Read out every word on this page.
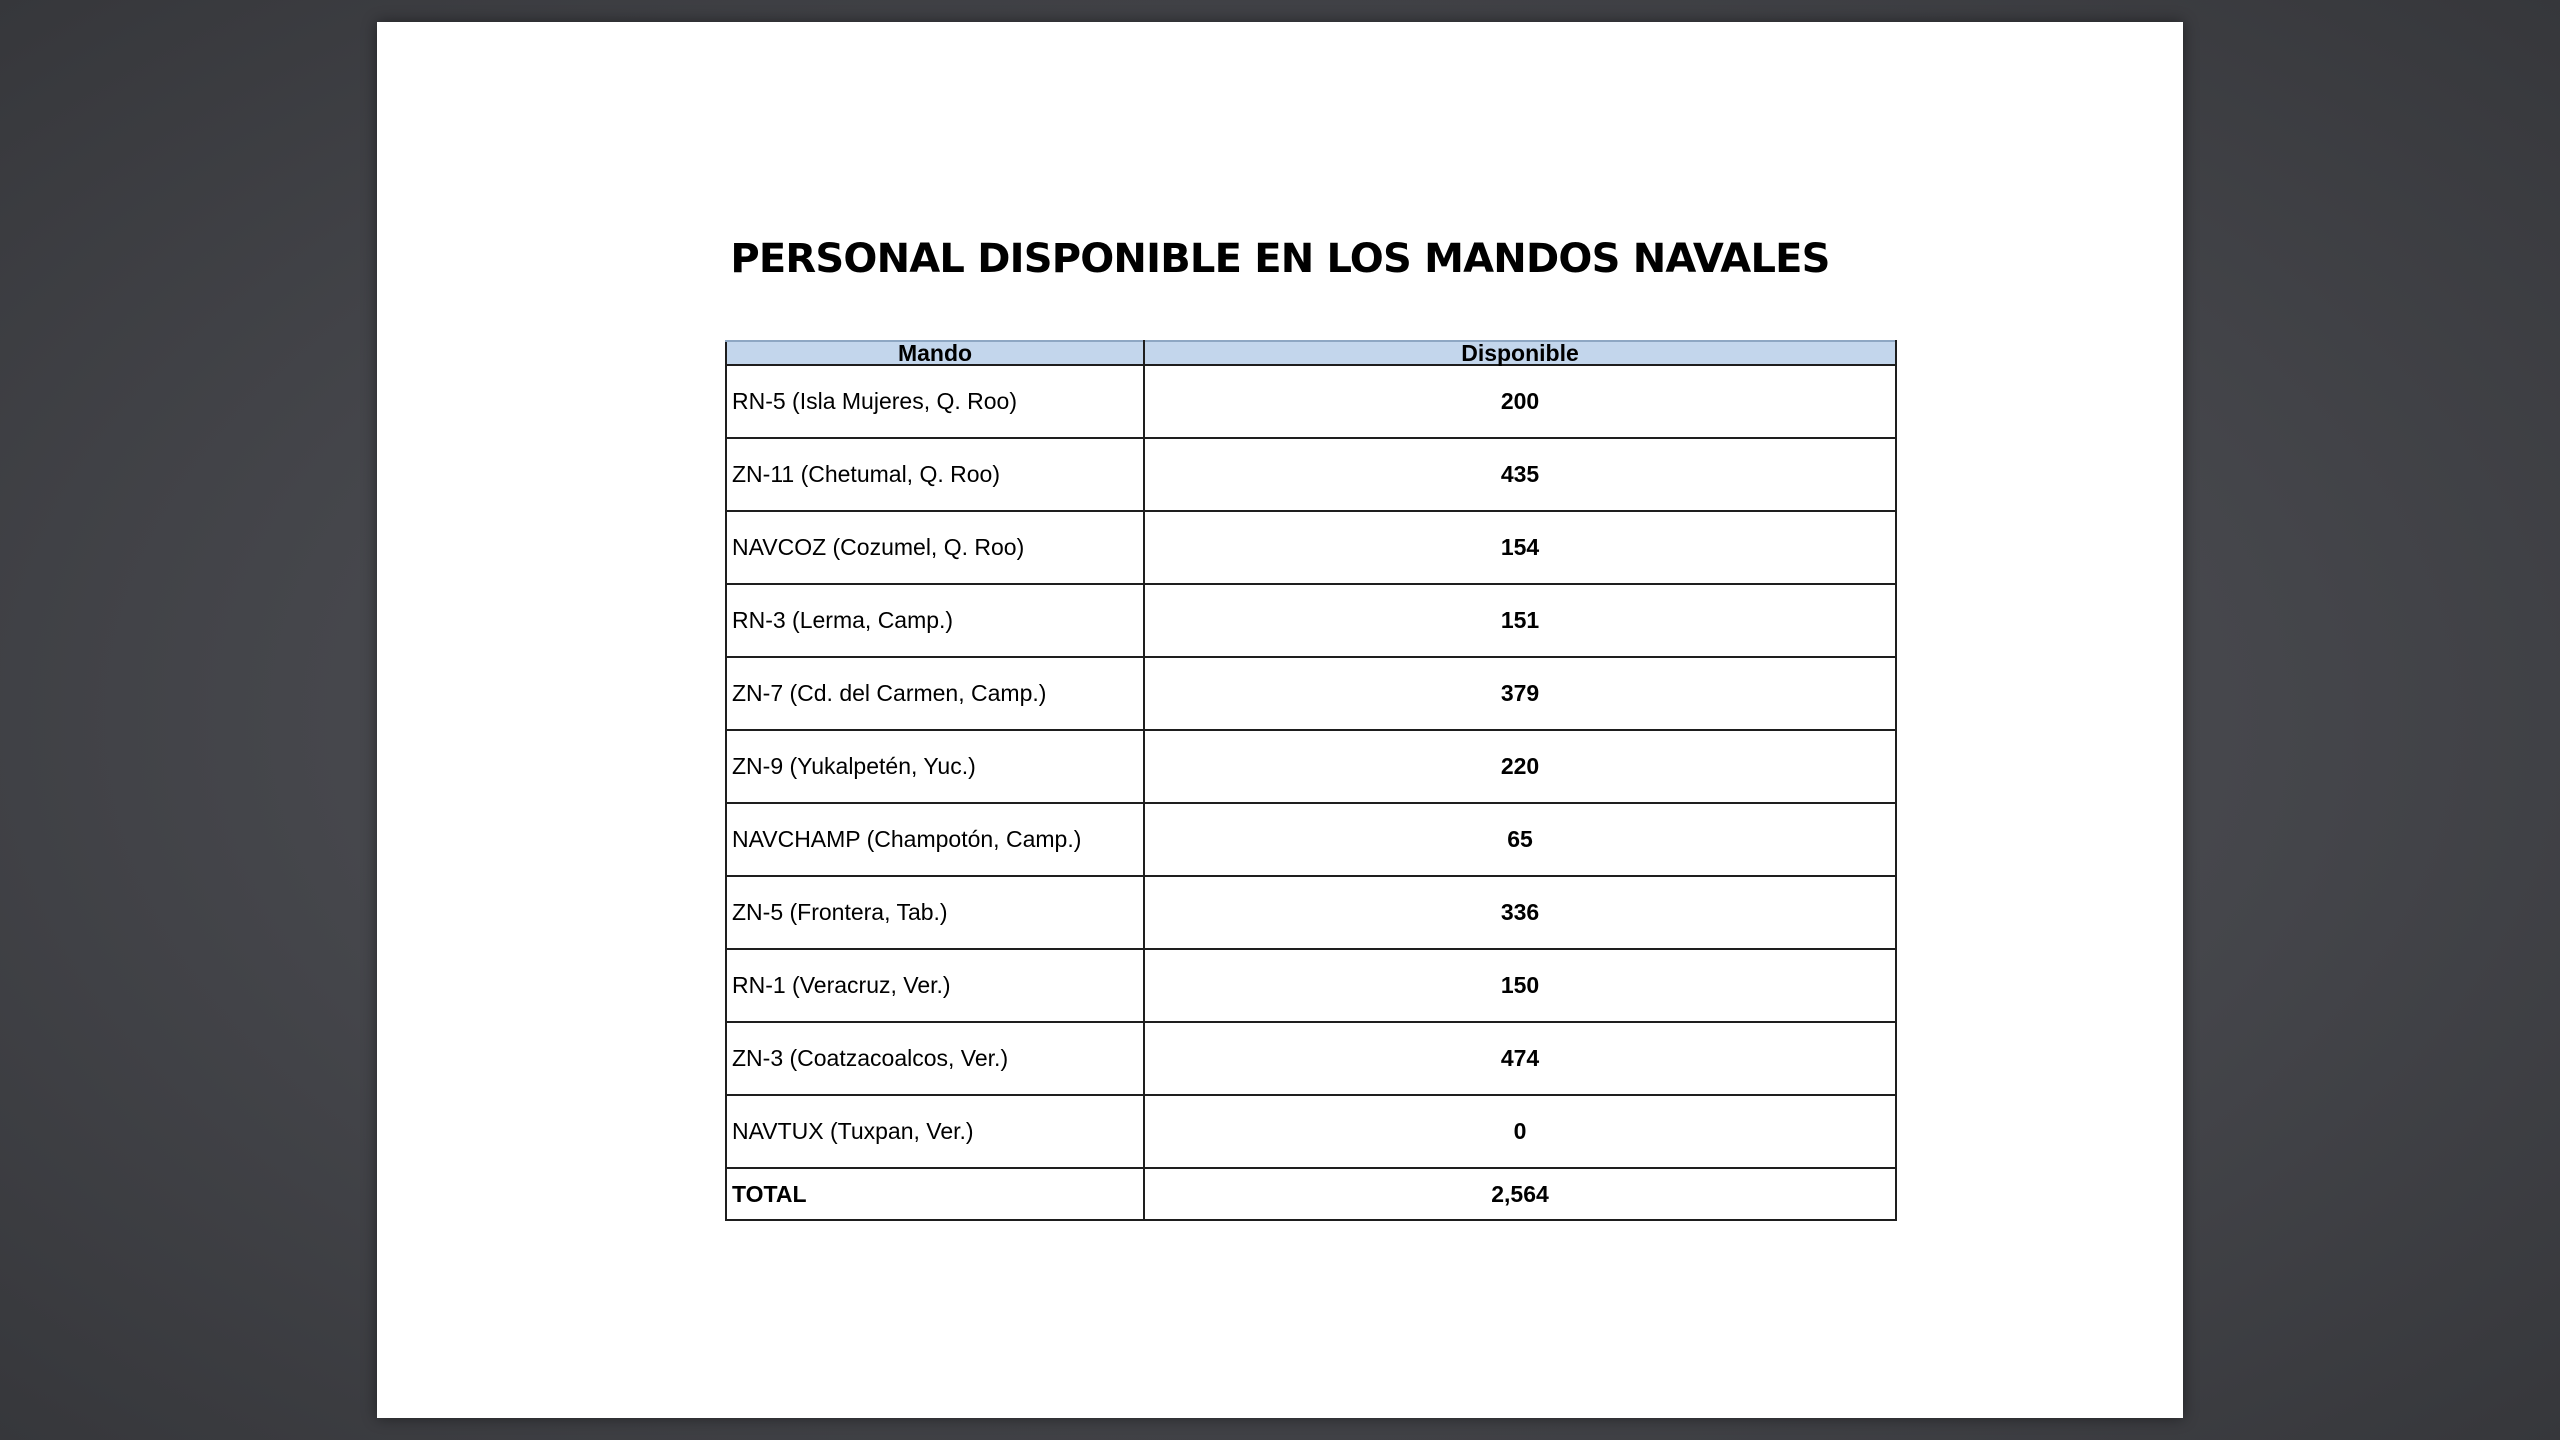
PERSONAL DISPONIBLE EN LOS MANDOS NAVALES
Mando	Disponible
RN-5 (Isla Mujeres, Q. Roo)	200
ZN-11 (Chetumal, Q. Roo)	435
NAVCOZ (Cozumel, Q. Roo)	154
RN-3 (Lerma, Camp.)	151
ZN-7 (Cd. del Carmen, Camp.)	379
ZN-9 (Yukalpetén, Yuc.)	220
NAVCHAMP (Champotón, Camp.)	65
ZN-5 (Frontera, Tab.)	336
RN-1 (Veracruz, Ver.)	150
ZN-3 (Coatzacoalcos, Ver.)	474
NAVTUX (Tuxpan, Ver.)	0
TOTAL	2,564
